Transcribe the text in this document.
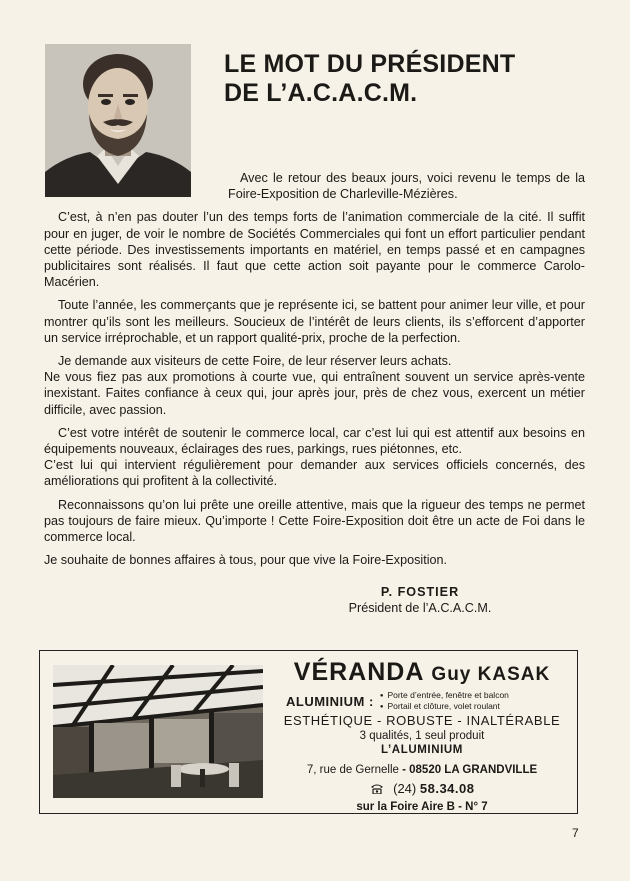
LE MOT DU PRÉSIDENT
DE L’A.C.A.C.M.

Avec le retour des beaux jours, voici revenu le temps de la Foire-Exposition de Charleville-Mézières.

C’est, à n’en pas douter l’un des temps forts de l’animation commerciale de la cité. Il suffit pour en juger, de voir le nombre de Sociétés Commerciales qui font un effort particulier pendant cette période. Des investissements importants en matériel, en temps passé et en campagnes publicitaires sont réalisés. Il faut que cette action soit payante pour le commerce Carolo-Macérien.

Toute l’année, les commerçants que je représente ici, se battent pour animer leur ville, et pour montrer qu’ils sont les meilleurs. Soucieux de l’intérêt de leurs clients, ils s’efforcent d’apporter un service irréprochable, et un rapport qualité-prix, proche de la perfection.

Je demande aux visiteurs de cette Foire, de leur réserver leurs achats.
Ne vous fiez pas aux promotions à courte vue, qui entraînent souvent un service après-vente inexistant. Faites confiance à ceux qui, jour après jour, près de chez vous, exercent un métier difficile, avec passion.

C’est votre intérêt de soutenir le commerce local, car c’est lui qui est attentif aux besoins en équipements nouveaux, éclairages des rues, parkings, rues piétonnes, etc.
C’est lui qui intervient régulièrement pour demander aux services officiels concernés, des améliorations qui profitent à la collectivité.

Reconnaissons qu’on lui prête une oreille attentive, mais que la rigueur des temps ne permet pas toujours de faire mieux. Qu’importe ! Cette Foire-Exposition doit être un acte de Foi dans le commerce local.

Je souhaite de bonnes affaires à tous, pour que vive la Foire-Exposition.

P. FOSTIER
Président de l’A.C.A.C.M.
VÉRANDA Guy KASAK
ALUMINIUM :
●	Porte d’entrée, fenêtre et balcon
● Portail et clôture, volet roulant
ESTHÉTIQUE - ROBUSTE - INALTÉRABLE
3 qualités, 1 seul produit
L’ALUMINIUM
7, rue de Gernelle - 08520 LA GRANDVILLE
(24) 58.34.08
sur la Foire Aire B - N° 7
7
